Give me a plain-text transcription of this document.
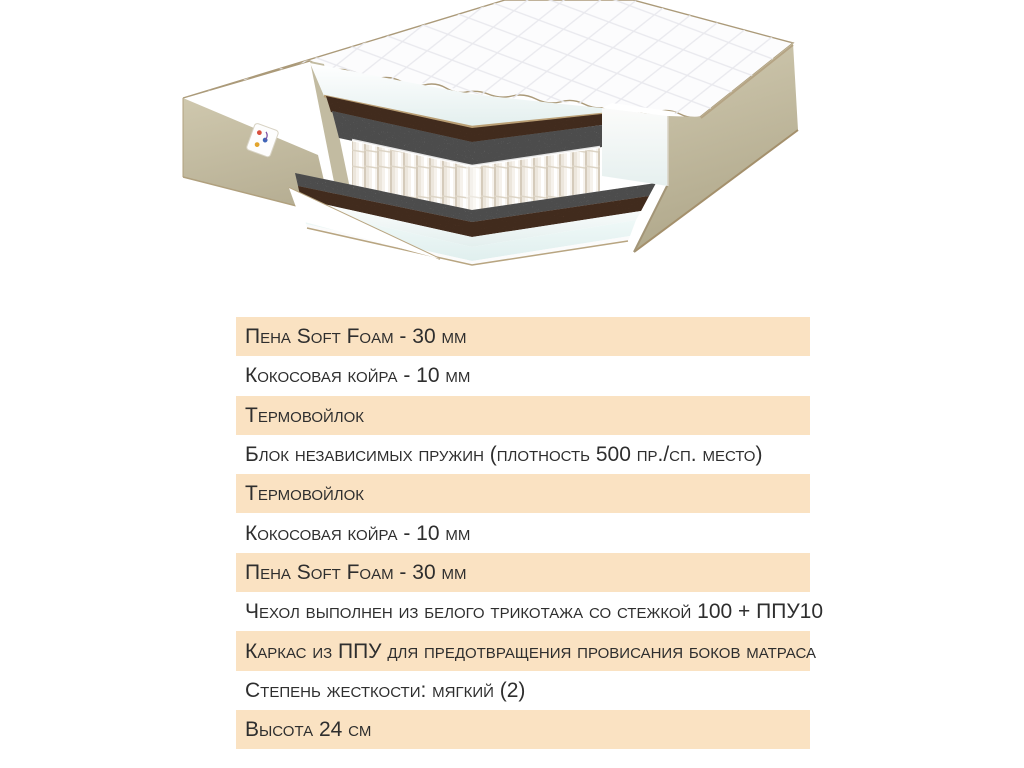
Пена Soft Foam - 30 мм
Кокосовая койра - 10 мм
Термовойлок
Блок независимых пружин (плотность 500 пр./сп. место)
Термовойлок
Кокосовая койра - 10 мм
Пена Soft Foam - 30 мм
Чехол выполнен из белого трикотажа со стежкой 100 + ППУ10
Каркас из ППУ для предотвращения провисания боков матраса
Степень жесткости: мягкий (2)
Высота 24 см
